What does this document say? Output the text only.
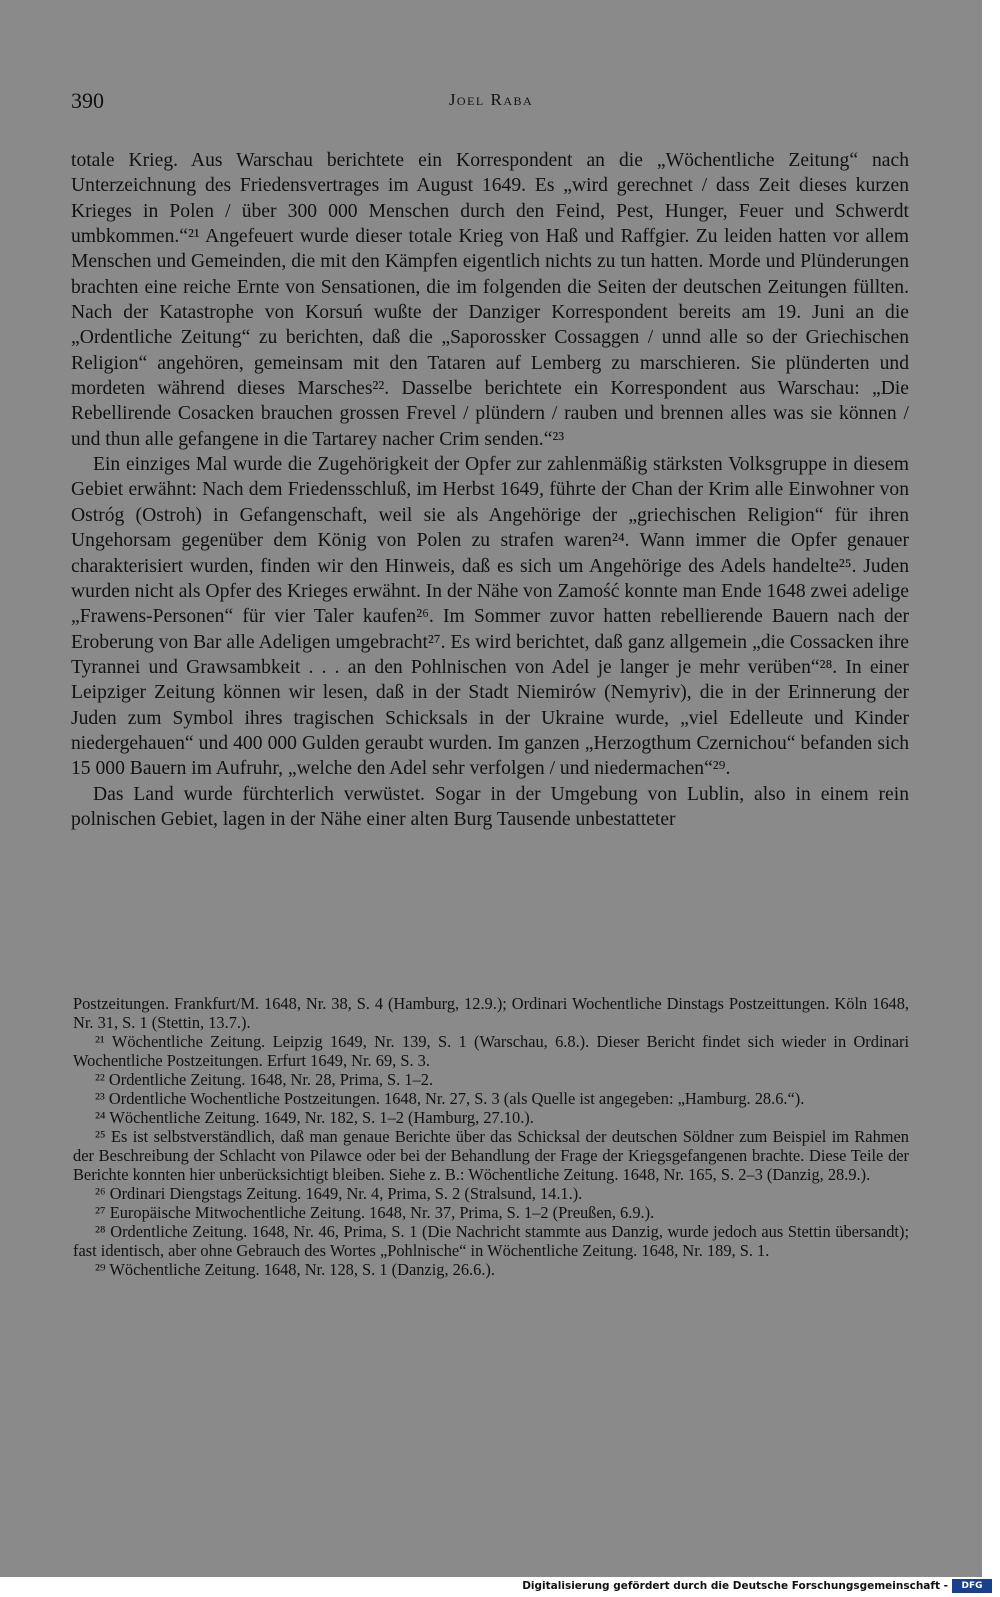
390	Joel Raba

totale Krieg. Aus Warschau berichtete ein Korrespondent an die „Wöchentliche Zeitung“ nach Unterzeichnung des Friedensvertrages im August 1649. Es „wird gerechnet / dass Zeit dieses kurzen Krieges in Polen / über 300 000 Menschen durch den Feind, Pest, Hunger, Feuer und Schwerdt umbkommen.“²¹ Angefeuert wurde dieser totale Krieg von Haß und Raffgier. Zu leiden hatten vor allem Menschen und Gemeinden, die mit den Kämpfen eigentlich nichts zu tun hatten. Morde und Plünderungen brachten eine reiche Ernte von Sensationen, die im folgenden die Seiten der deutschen Zeitungen füllten. Nach der Katastrophe von Korsuń wußte der Danziger Korrespondent bereits am 19. Juni an die „Ordentliche Zeitung“ zu berichten, daß die „Saporossker Cossaggen / unnd alle so der Griechischen Religion“ angehören, gemeinsam mit den Tataren auf Lemberg zu marschieren. Sie plünderten und mordeten während dieses Marsches²². Dasselbe berichtete ein Korrespondent aus Warschau: „Die Rebellirende Cosacken brauchen grossen Frevel / plündern / rauben und brennen alles was sie können / und thun alle gefangene in die Tartarey nacher Crim senden.“²³

Ein einziges Mal wurde die Zugehörigkeit der Opfer zur zahlenmäßig stärksten Volksgruppe in diesem Gebiet erwähnt: Nach dem Friedensschluß, im Herbst 1649, führte der Chan der Krim alle Einwohner von Ostróg (Ostroh) in Gefangenschaft, weil sie als Angehörige der „griechischen Religion“ für ihren Ungehorsam gegenüber dem König von Polen zu strafen waren²⁴. Wann immer die Opfer genauer charakterisiert wurden, finden wir den Hinweis, daß es sich um Angehörige des Adels handelte²⁵. Juden wurden nicht als Opfer des Krieges erwähnt. In der Nähe von Zamość konnte man Ende 1648 zwei adelige „Frawens-Personen“ für vier Taler kaufen²⁶. Im Sommer zuvor hatten rebellierende Bauern nach der Eroberung von Bar alle Adeligen umgebracht²⁷. Es wird berichtet, daß ganz allgemein „die Cossacken ihre Tyrannei und Grawsambkeit . . . an den Pohlnischen von Adel je langer je mehr verüben“²⁸. In einer Leipziger Zeitung können wir lesen, daß in der Stadt Niemirów (Nemyriv), die in der Erinnerung der Juden zum Symbol ihres tragischen Schicksals in der Ukraine wurde, „viel Edelleute und Kinder niedergehauen“ und 400 000 Gulden geraubt wurden. Im ganzen „Herzogthum Czernichou“ befanden sich 15 000 Bauern im Aufruhr, „welche den Adel sehr verfolgen / und niedermachen“²⁹.

Das Land wurde fürchterlich verwüstet. Sogar in der Umgebung von Lublin, also in einem rein polnischen Gebiet, lagen in der Nähe einer alten Burg Tausende unbestatteter

Postzeitungen. Frankfurt/M. 1648, Nr. 38, S. 4 (Hamburg, 12.9.); Ordinari Wochentliche Dinstags Postzeittungen. Köln 1648, Nr. 31, S. 1 (Stettin, 13.7.).

²¹ Wöchentliche Zeitung. Leipzig 1649, Nr. 139, S. 1 (Warschau, 6.8.). Dieser Bericht findet sich wieder in Ordinari Wochentliche Postzeitungen. Erfurt 1649, Nr. 69, S. 3.

²² Ordentliche Zeitung. 1648, Nr. 28, Prima, S. 1–2.

²³ Ordentliche Wochentliche Postzeitungen. 1648, Nr. 27, S. 3 (als Quelle ist angegeben: „Hamburg. 28.6.“).

²⁴ Wöchentliche Zeitung. 1649, Nr. 182, S. 1–2 (Hamburg, 27.10.).

²⁵ Es ist selbstverständlich, daß man genaue Berichte über das Schicksal der deutschen Söldner zum Beispiel im Rahmen der Beschreibung der Schlacht von Pilawce oder bei der Behandlung der Frage der Kriegsgefangenen brachte. Diese Teile der Berichte konnten hier unberücksichtigt bleiben. Siehe z. B.: Wöchentliche Zeitung. 1648, Nr. 165, S. 2–3 (Danzig, 28.9.).

²⁶ Ordinari Diengstags Zeitung. 1649, Nr. 4, Prima, S. 2 (Stralsund, 14.1.).

²⁷ Europäische Mitwochentliche Zeitung. 1648, Nr. 37, Prima, S. 1–2 (Preußen, 6.9.).

²⁸ Ordentliche Zeitung. 1648, Nr. 46, Prima, S. 1 (Die Nachricht stammte aus Danzig, wurde jedoch aus Stettin übersandt); fast identisch, aber ohne Gebrauch des Wortes „Pohlnische“ in Wöchentliche Zeitung. 1648, Nr. 189, S. 1.

²⁹ Wöchentliche Zeitung. 1648, Nr. 128, S. 1 (Danzig, 26.6.).

Digitalisierung gefördert durch die Deutsche Forschungsgemeinschaft -	DFG
